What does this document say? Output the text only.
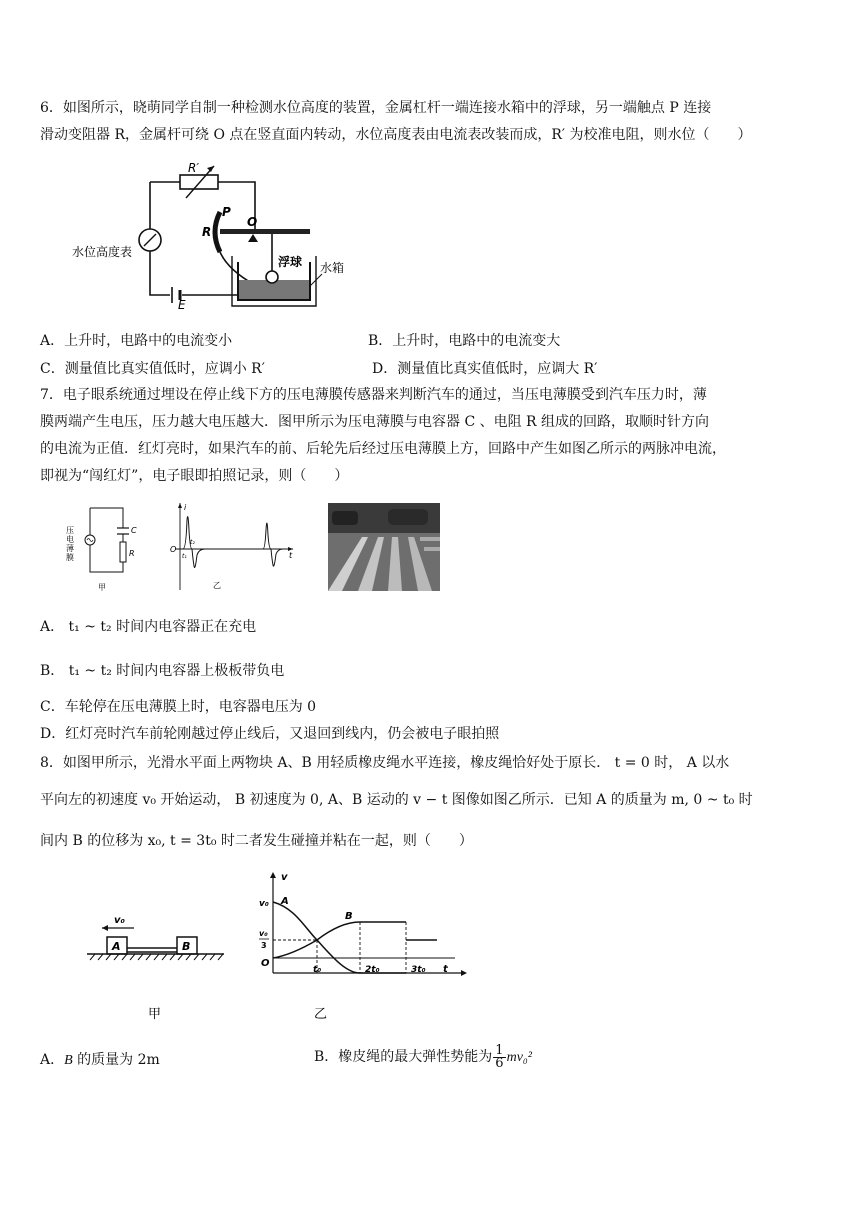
6．如图所示，晓萌同学自制一种检测水位高度的装置，金属杠杆一端连接水箱中的浮球，另一端触点 P 连接
滑动变阻器 R，金属杆可绕 O 点在竖直面内转动，水位高度表由电流表改装而成，R′ 为校准电阻，则水位（　　）
R′
水位高度表
E
R
P
O
浮球 水箱
A．上升时，电路中的电流变小	B．上升时，电路中的电流变大
C．测量值比真实值低时，应调小 R′	D．测量值比真实值低时，应调大 R′
7．电子眼系统通过埋设在停止线下方的压电薄膜传感器来判断汽车的通过，当压电薄膜受到汽车压力时，薄
膜两端产生电压，压力越大电压越大．图甲所示为压电薄膜与电容器 C 、电阻 R 组成的回路，取顺时针方向
的电流为正值．红灯亮时，如果汽车的前、后轮先后经过压电薄膜上方，回路中产生如图乙所示的两脉冲电流，
即视为“闯红灯”，电子眼即拍照记录，则（　　）
C
R
压电薄膜
甲
i
O
t
t₁
t₂
乙
A． t₁ ~ t₂ 时间内电容器正在充电
B． t₁ ~ t₂ 时间内电容器上极板带负电
C．车轮停在压电薄膜上时，电容器电压为 0
D．红灯亮时汽车前轮刚越过停止线后，又退回到线内，仍会被电子眼拍照
8．如图甲所示，光滑水平面上两物块 A、B 用轻质橡皮绳水平连接，橡皮绳恰好处于原长． t = 0 时， A 以水
平向左的初速度 v₀ 开始运动， B 初速度为 0, A、B 运动的 v − t 图像如图乙所示．已知 A 的质量为 m, 0 ~ t₀ 时
间内 B 的位移为 x₀, t = 3t₀ 时二者发生碰撞并粘在一起，则（　　）
v₀
A	B
甲
v
v₀ A
B
v₀
3
O
t₀	2t₀	3t₀ t
乙
A．B 的质量为 2m	B．橡皮绳的最大弹性势能为 $\frac{1}{6} mv_0^2$
